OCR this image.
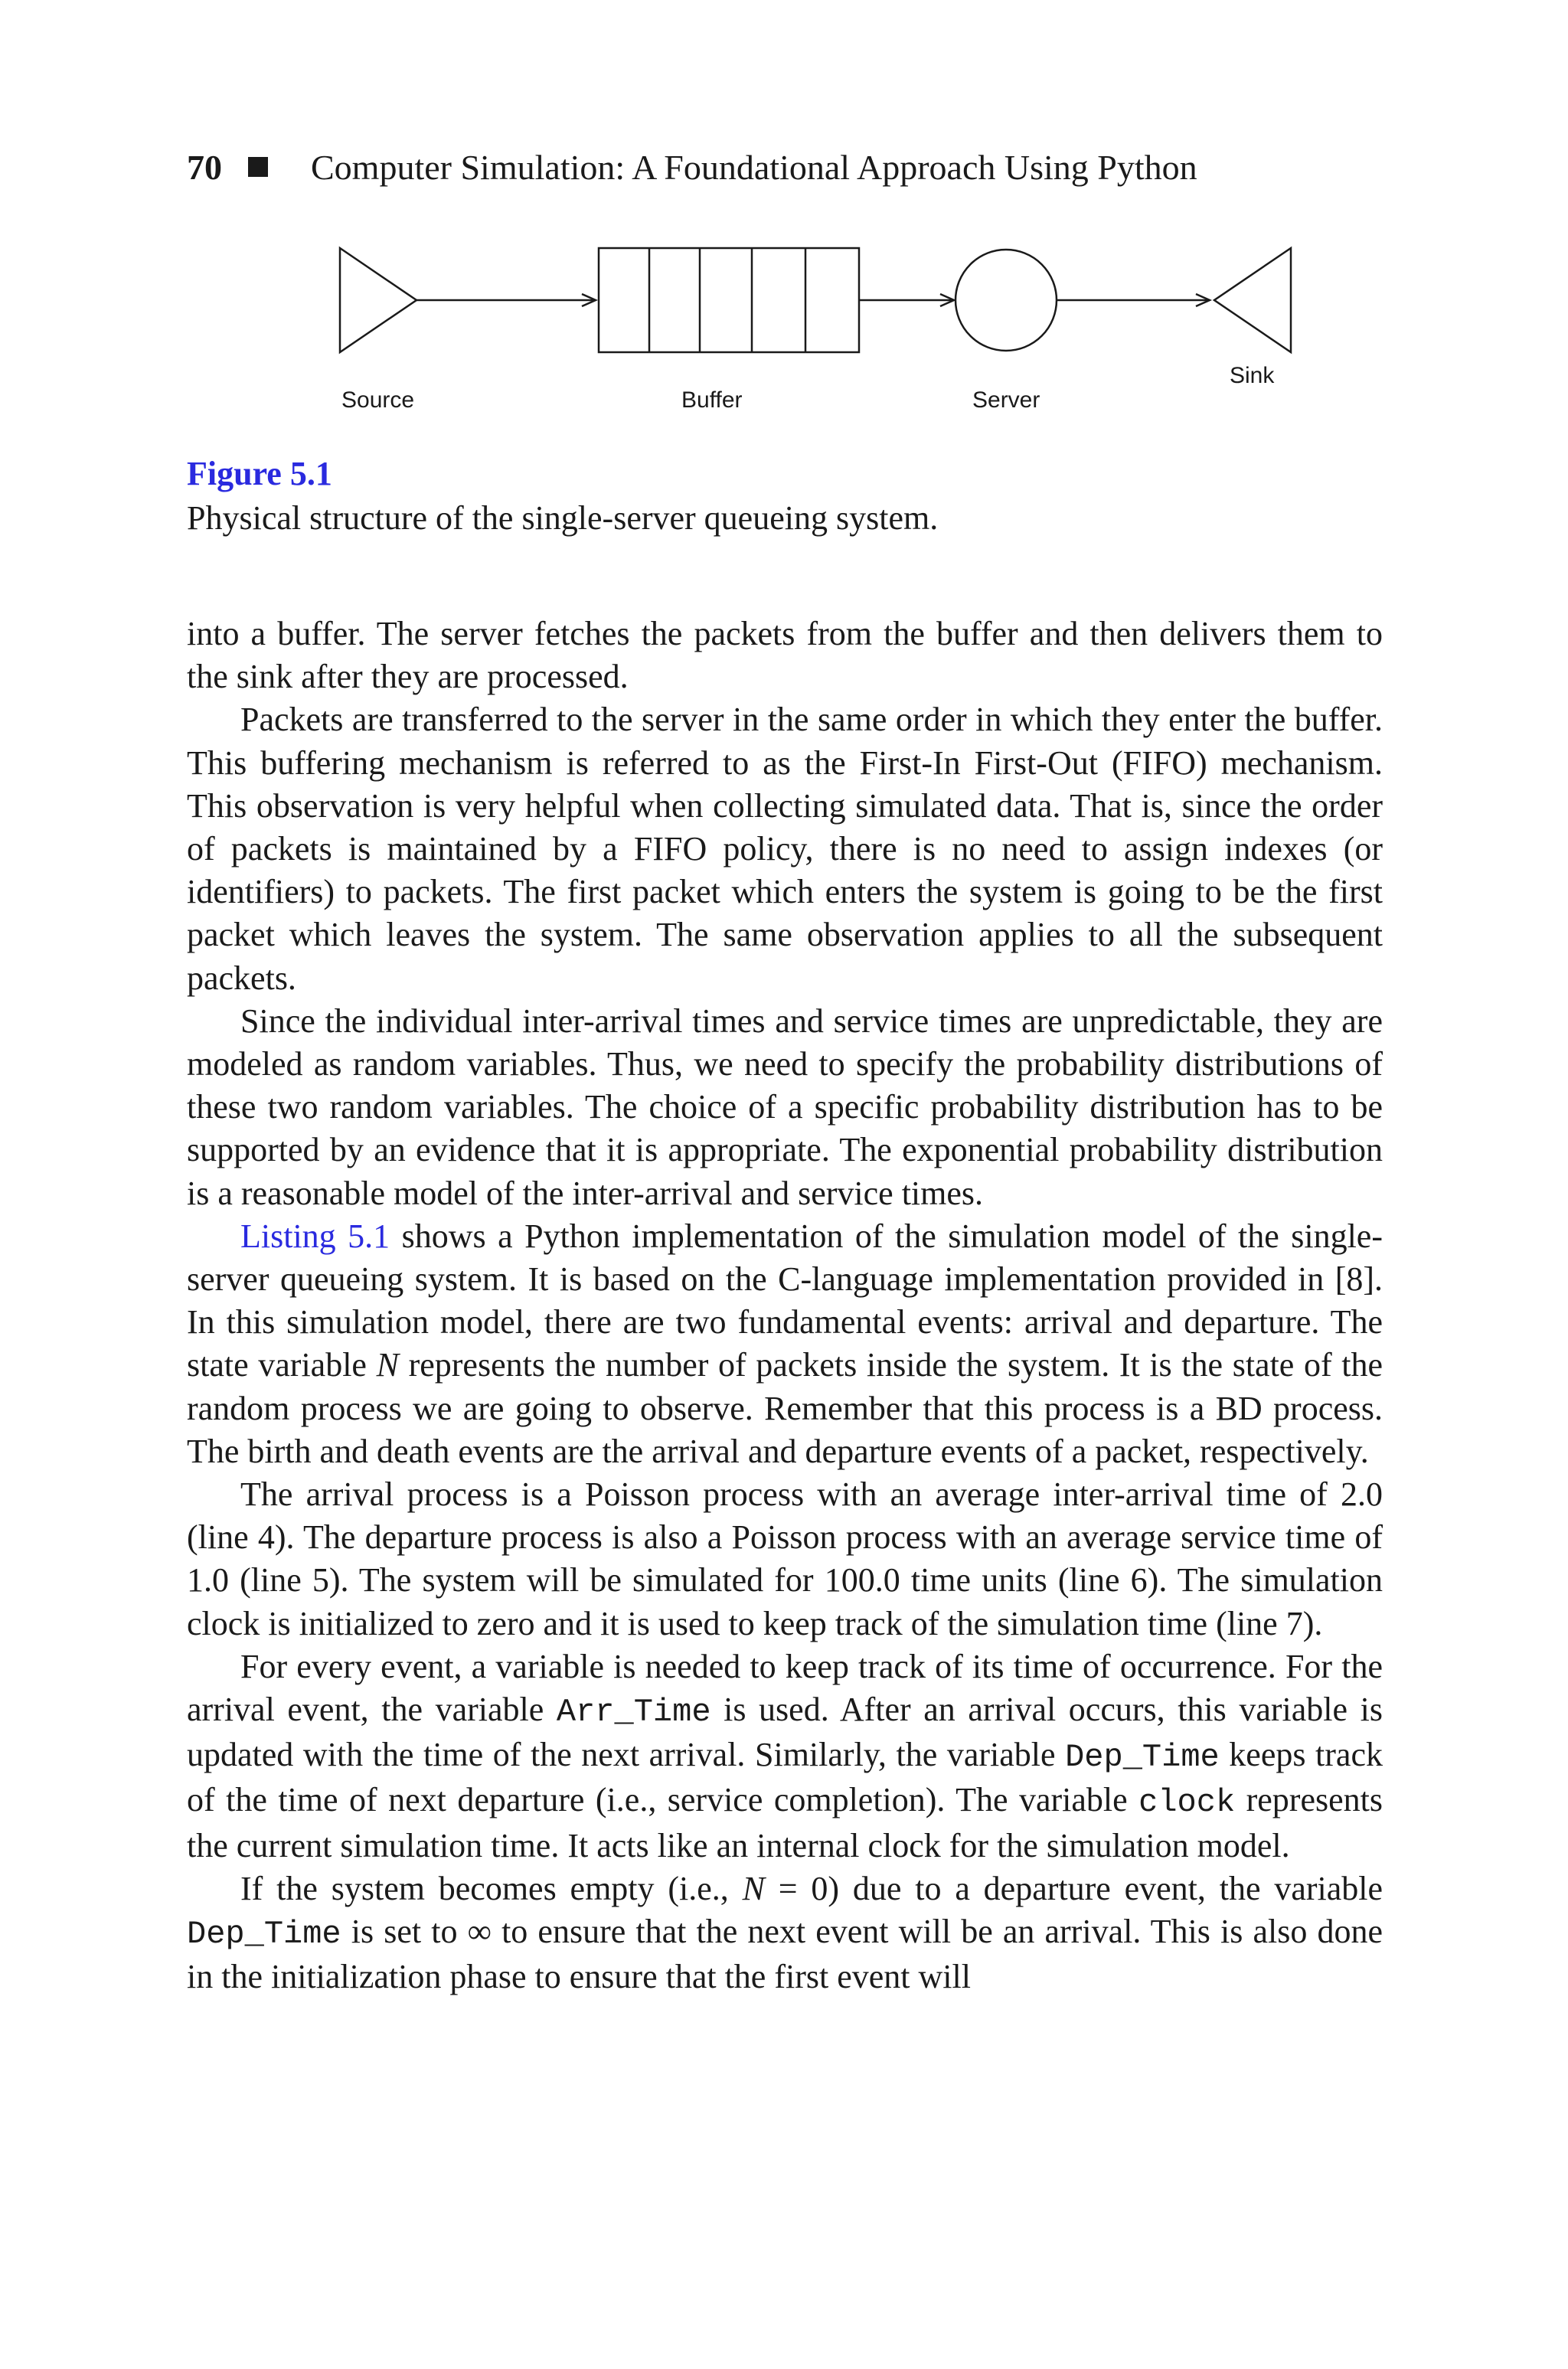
70	Computer Simulation: A Foundational Approach Using Python
Source	Buffer	Server
Sink
Figure 5.1
Physical structure of the single-server queueing system.

into a buffer. The server fetches the packets from the buffer and then delivers them to the sink after they are processed.

Packets are transferred to the server in the same order in which they enter the buffer. This buffering mechanism is referred to as the First-In First-Out (FIFO) mechanism. This observation is very helpful when collecting simulated data. That is, since the order of packets is maintained by a FIFO policy, there is no need to assign indexes (or identifiers) to packets. The first packet which enters the system is going to be the first packet which leaves the system. The same observation applies to all the subsequent packets.

Since the individual inter-arrival times and service times are unpredictable, they are modeled as random variables. Thus, we need to specify the probability distributions of these two random variables. The choice of a specific probability distribution has to be supported by an evidence that it is appropriate. The exponential probability distribution is a reasonable model of the inter-arrival and service times.

Listing 5.1 shows a Python implementation of the simulation model of the single-server queueing system. It is based on the C-language implementation provided in [8]. In this simulation model, there are two fundamental events: arrival and departure. The state variable N represents the number of packets inside the system. It is the state of the random process we are going to observe. Remember that this process is a BD process. The birth and death events are the arrival and departure events of a packet, respectively.

The arrival process is a Poisson process with an average inter-arrival time of 2.0 (line 4). The departure process is also a Poisson process with an average service time of 1.0 (line 5). The system will be simulated for 100.0 time units (line 6). The simulation clock is initialized to zero and it is used to keep track of the simulation time (line 7).

For every event, a variable is needed to keep track of its time of occurrence. For the arrival event, the variable Arr_Time is used. After an arrival occurs, this variable is updated with the time of the next arrival. Similarly, the variable Dep_Time keeps track of the time of next departure (i.e., service completion). The variable clock represents the current simulation time. It acts like an internal clock for the simulation model.

If the system becomes empty (i.e., N = 0) due to a departure event, the variable Dep_Time is set to ∞ to ensure that the next event will be an arrival. This is also done in the initialization phase to ensure that the first event will
